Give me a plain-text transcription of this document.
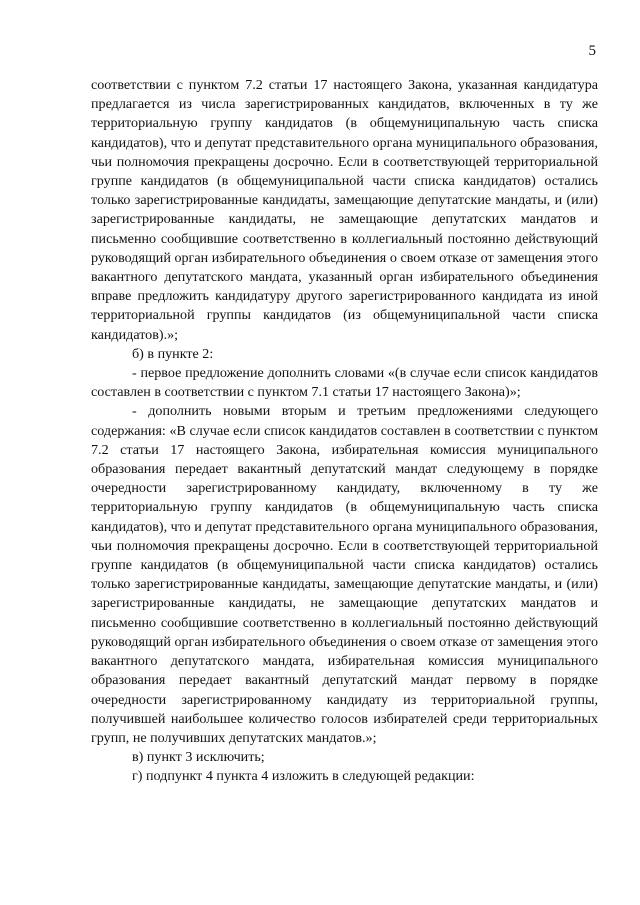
5

соответствии с пунктом 7.2 статьи 17 настоящего Закона, указанная кандидатура предлагается из числа зарегистрированных кандидатов, включенных в ту же территориальную группу кандидатов (в общемуниципальную часть списка кандидатов), что и депутат представительного органа муниципального образования, чьи полномочия прекращены досрочно. Если в соответствующей территориальной группе кандидатов (в общемуниципальной части списка кандидатов) остались только зарегистрированные кандидаты, замещающие депутатские мандаты, и (или) зарегистрированные кандидаты, не замещающие депутатских мандатов и письменно сообщившие соответственно в коллегиальный постоянно действующий руководящий орган избирательного объединения о своем отказе от замещения этого вакантного депутатского мандата, указанный орган избирательного объединения вправе предложить кандидатуру другого зарегистрированного кандидата из иной территориальной группы кандидатов (из общемуниципальной части списка кандидатов).»;

б) в пункте 2:

- первое предложение дополнить словами «(в случае если список кандидатов составлен в соответствии с пунктом 7.1 статьи 17 настоящего Закона)»;

- дополнить новыми вторым и третьим предложениями следующего содержания: «В случае если список кандидатов составлен в соответствии с пунктом 7.2 статьи 17 настоящего Закона, избирательная комиссия муниципального образования передает вакантный депутатский мандат следующему в порядке очередности зарегистрированному кандидату, включенному в ту же территориальную группу кандидатов (в общемуниципальную часть списка кандидатов), что и депутат представительного органа муниципального образования, чьи полномочия прекращены досрочно. Если в соответствующей территориальной группе кандидатов (в общемуниципальной части списка кандидатов) остались только зарегистрированные кандидаты, замещающие депутатские мандаты, и (или) зарегистрированные кандидаты, не замещающие депутатских мандатов и письменно сообщившие соответственно в коллегиальный постоянно действующий руководящий орган избирательного объединения о своем отказе от замещения этого вакантного депутатского мандата, избирательная комиссия муниципального образования передает вакантный депутатский мандат первому в порядке очередности зарегистрированному кандидату из территориальной группы, получившей наибольшее количество голосов избирателей среди территориальных групп, не получивших депутатских мандатов.»;

в) пункт 3 исключить;

г) подпункт 4 пункта 4 изложить в следующей редакции:
